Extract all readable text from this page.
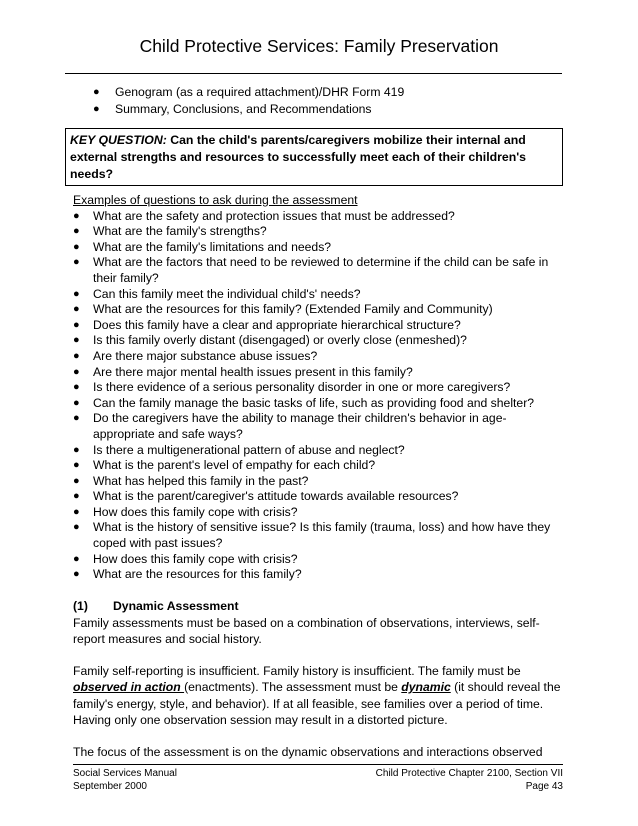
Child Protective Services: Family Preservation
●	Genogram (as a required attachment)/DHR Form 419
●	Summary, Conclusions, and Recommendations
KEY QUESTION: Can the child's parents/caregivers mobilize their internal and external strengths and resources to successfully meet each of their children's needs?
Examples of questions to ask during the assessment
●	What are the safety and protection issues that must be addressed?
●	What are the family's strengths?
●	What are the family's limitations and needs?
●	What are the factors that need to be reviewed to determine if the child can be safe in their family?
●	Can this family meet the individual child's' needs?
●	What are the resources for this family? (Extended Family and Community)
●	Does this family have a clear and appropriate hierarchical structure?
●	Is this family overly distant (disengaged) or overly close (enmeshed)?
●	Are there major substance abuse issues?
●	Are there major mental health issues present in this family?
●	Is there evidence of a serious personality disorder in one or more caregivers?
●	Can the family manage the basic tasks of life, such as providing food and shelter?
●	Do the caregivers have the ability to manage their children's behavior in age-appropriate and safe ways?
●	Is there a multigenerational pattern of abuse and neglect?
●	What is the parent's level of empathy for each child?
●	What has helped this family in the past?
●	What is the parent/caregiver's attitude towards available resources?
●	How does this family cope with crisis?
●	What is the history of sensitive issue? Is this family (trauma, loss) and how have they coped with past issues?
●	How does this family cope with crisis?
●	What are the resources for this family?
(1) Dynamic Assessment

Family assessments must be based on a combination of observations, interviews, self-report measures and social history.

Family self-reporting is insufficient. Family history is insufficient. The family must be observed in action (enactments). The assessment must be dynamic (it should reveal the family's energy, style, and behavior). If at all feasible, see families over a period of time. Having only one observation session may result in a distorted picture.

The focus of the assessment is on the dynamic observations and interactions observed

Social Services Manual	Child Protective Chapter 2100, Section VII
September 2000	Page 43
